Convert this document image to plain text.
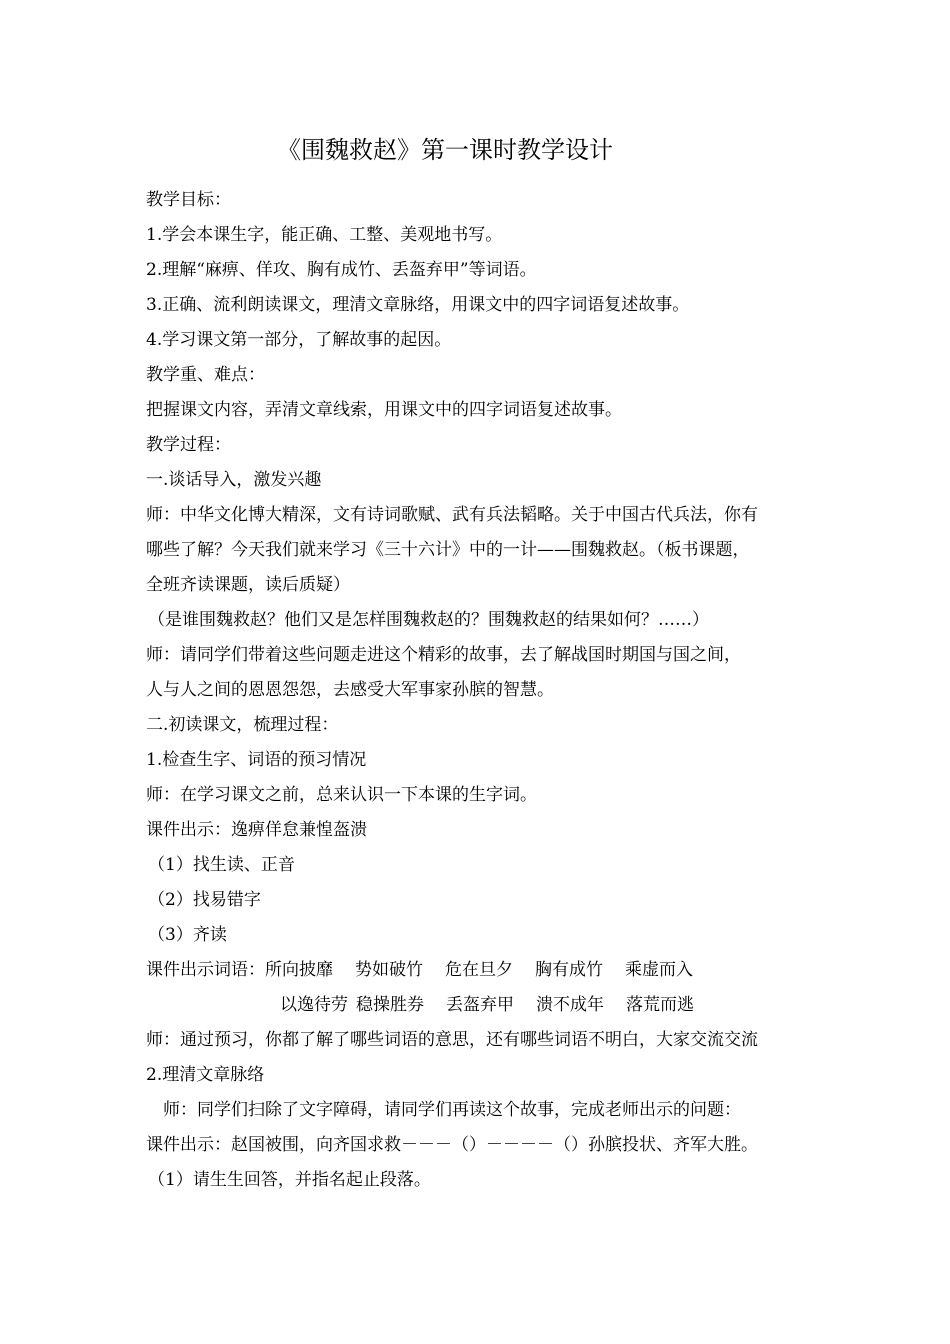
《围魏救赵》第一课时教学设计
教学目标：
1.学会本课生字，能正确、工整、美观地书写。
2.理解“麻痹、佯攻、胸有成竹、丢盔弃甲”等词语。
3.正确、流利朗读课文，理清文章脉络，用课文中的四字词语复述故事。
4.学习课文第一部分，了解故事的起因。
教学重、难点：
把握课文内容，弄清文章线索，用课文中的四字词语复述故事。
教学过程：
一.谈话导入，激发兴趣
师：中华文化博大精深，文有诗词歌赋、武有兵法韬略。关于中国古代兵法，你有
哪些了解？今天我们就来学习《三十六计》中的一计——围魏救赵。（板书课题，
全班齐读课题，读后质疑）
（是谁围魏救赵？他们又是怎样围魏救赵的？围魏救赵的结果如何？……）
师：请同学们带着这些问题走进这个精彩的故事，去了解战国时期国与国之间，
人与人之间的恩恩怨怨，去感受大军事家孙膑的智慧。
二.初读课文，梳理过程：
1.检查生字、词语的预习情况
师：在学习课文之前，总来认识一下本课的生字词。
课件出示：逸痹佯怠兼惶盔溃
（1）找生读、正音
（2）找易错字
（3）齐读
课件出示词语：所向披靡 势如破竹 危在旦夕 胸有成竹 乘虚而入
以逸待劳 稳操胜券 丢盔弃甲 溃不成年 落荒而逃
师：通过预习，你都了解了哪些词语的意思，还有哪些词语不明白，大家交流交流
2.理清文章脉络
师：同学们扫除了文字障碍，请同学们再读这个故事，完成老师出示的问题：
课件出示：赵国被围，向齐国求救－－－（）－－－－（）孙膑投状、齐军大胜。
（1）请生生回答，并指名起止段落。
